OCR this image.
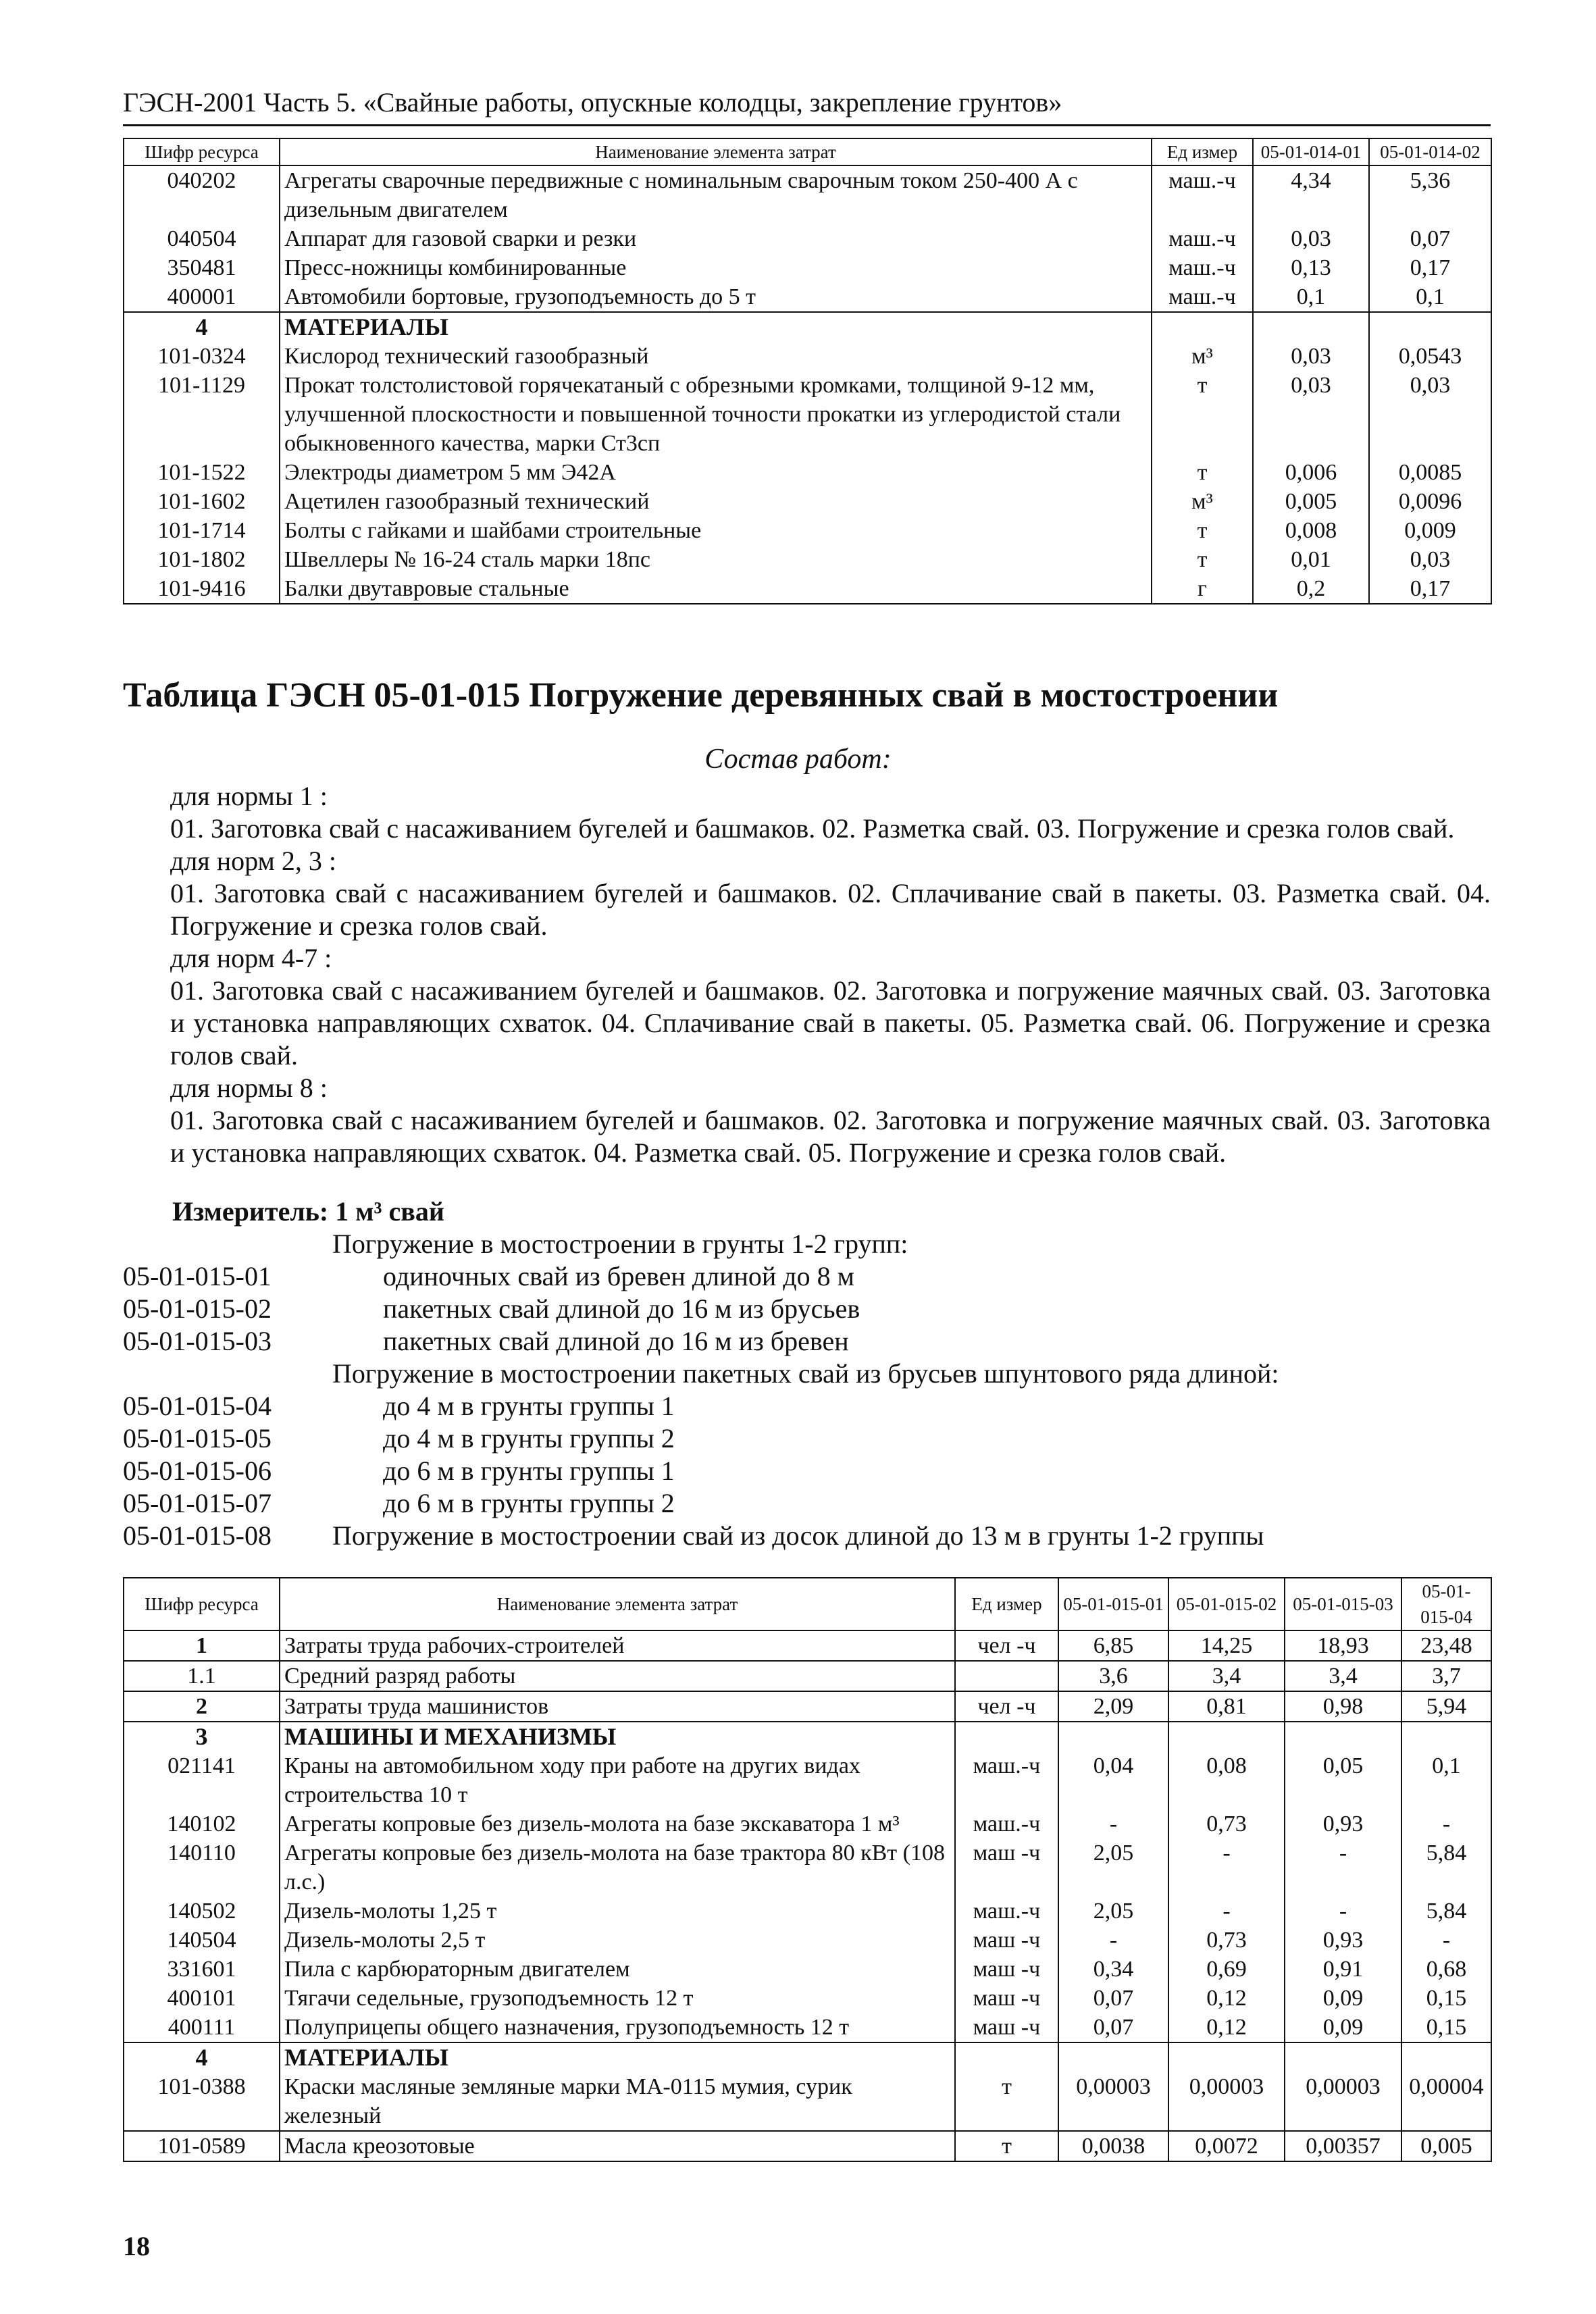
ГЭСН-2001 Часть 5. «Свайные работы, опускные колодцы, закрепление грунтов»
Шифр ресурса	Наименование элемента затрат	Ед измер	05-01-014-01	05-01-014-02
040202	Агрегаты сварочные передвижные с номинальным сварочным током 250-400 А с дизельным двигателем	маш.-ч	4,34	5,36
040504	Аппарат для газовой сварки и резки	маш.-ч	0,03	0,07
350481	Пресс-ножницы комбинированные	маш.-ч	0,13	0,17
400001	Автомобили бортовые, грузоподъемность до 5 т	маш.-ч	0,1	0,1
4	МАТЕРИАЛЫ			
101-0324	Кислород технический газообразный	м³	0,03	0,0543
101-1129	Прокат толстолистовой горячекатаный с обрезными кромками, толщиной 9-12 мм, улучшенной плоскостности и повышенной точности прокатки из углеродистой стали обыкновенного качества, марки Ст3сп	т	0,03	0,03
101-1522	Электроды диаметром 5 мм Э42А	т	0,006	0,0085
101-1602	Ацетилен газообразный технический	м³	0,005	0,0096
101-1714	Болты с гайками и шайбами строительные	т	0,008	0,009
101-1802	Швеллеры № 16-24 сталь марки 18пс	т	0,01	0,03
101-9416	Балки двутавровые стальные	г	0,2	0,17
Таблица ГЭСН 05-01-015 Погружение деревянных свай в мостостроении
Состав работ:

для нормы 1 :

01. Заготовка свай с насаживанием бугелей и башмаков. 02. Разметка свай. 03. Погружение и срезка голов свай.

для норм 2, 3 :

01. Заготовка свай с насаживанием бугелей и башмаков. 02. Сплачивание свай в пакеты. 03. Разметка свай. 04. Погружение и срезка голов свай.

для норм 4-7 :

01. Заготовка свай с насаживанием бугелей и башмаков. 02. Заготовка и погружение маячных свай. 03. Заготовка и установка направляющих схваток. 04. Сплачивание свай в пакеты. 05. Разметка свай. 06. Погружение и срезка голов свай.

для нормы 8 :

01. Заготовка свай с насаживанием бугелей и башмаков. 02. Заготовка и погружение маячных свай. 03. Заготовка и установка направляющих схваток. 04. Разметка свай. 05. Погружение и срезка голов свай.

Измеритель: 1 м³ свай
Погружение в мостостроении в грунты 1-2 групп:
05-01-015-01	одиночных свай из бревен длиной до 8 м
05-01-015-02	пакетных свай длиной до 16 м из брусьев
05-01-015-03	пакетных свай длиной до 16 м из бревен
Погружение в мостостроении пакетных свай из брусьев шпунтового ряда длиной:
05-01-015-04	до 4 м в грунты группы 1
05-01-015-05	до 4 м в грунты группы 2
05-01-015-06	до 6 м в грунты группы 1
05-01-015-07	до 6 м в грунты группы 2
05-01-015-08	Погружение в мостостроении свай из досок длиной до 13 м в грунты 1-2 группы
Шифр ресурса	Наименование элемента затрат	Ед измер	05-01-015-01	05-01-015-02	05-01-015-03	05-01-015-04
1	Затраты труда рабочих-строителей	чел -ч	6,85	14,25	18,93	23,48
1.1	Средний разряд работы		3,6	3,4	3,4	3,7
2	Затраты труда машинистов	чел -ч	2,09	0,81	0,98	5,94
3	МАШИНЫ И МЕХАНИЗМЫ					
021141	Краны на автомобильном ходу при работе на других видах строительства 10 т	маш.-ч	0,04	0,08	0,05	0,1
140102	Агрегаты копровые без дизель-молота на базе экскаватора 1 м³	маш.-ч	-	0,73	0,93	-
140110	Агрегаты копровые без дизель-молота на базе трактора 80 кВт (108 л.с.)	маш -ч	2,05	-	-	5,84
140502	Дизель-молоты 1,25 т	маш.-ч	2,05	-	-	5,84
140504	Дизель-молоты 2,5 т	маш -ч	-	0,73	0,93	-
331601	Пила с карбюраторным двигателем	маш -ч	0,34	0,69	0,91	0,68
400101	Тягачи седельные, грузоподъемность 12 т	маш -ч	0,07	0,12	0,09	0,15
400111	Полуприцепы общего назначения, грузоподъемность 12 т	маш -ч	0,07	0,12	0,09	0,15
4	МАТЕРИАЛЫ					
101-0388	Краски масляные земляные марки МА-0115 мумия, сурик железный	т	0,00003	0,00003	0,00003	0,00004
101-0589	Масла креозотовые	т	0,0038	0,0072	0,00357	0,005
18
